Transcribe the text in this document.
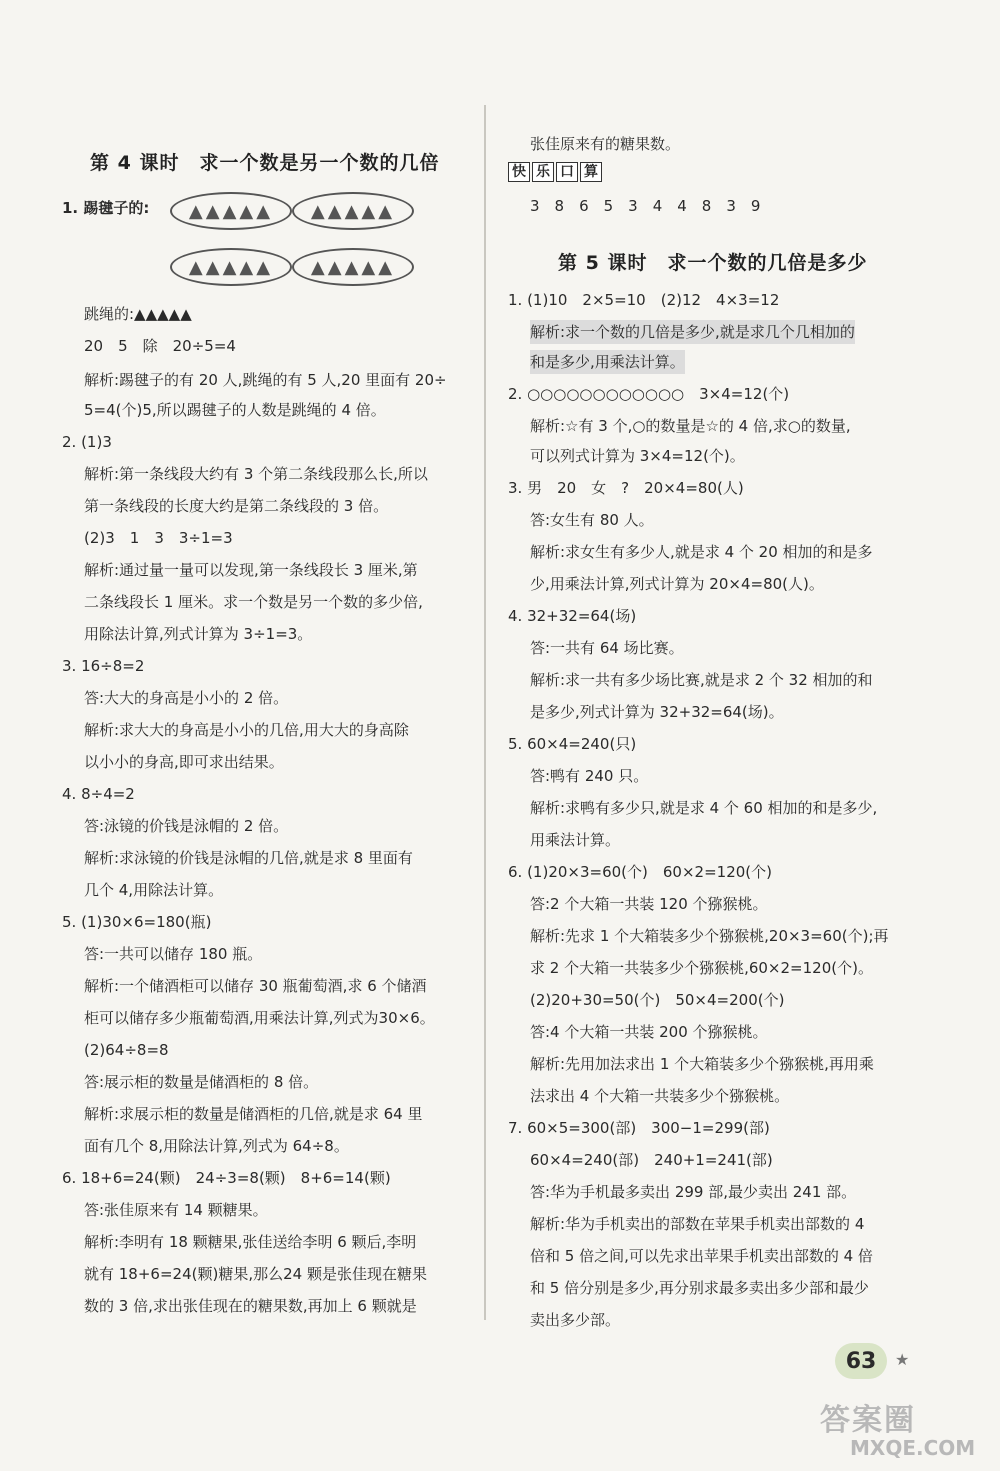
第 4 课时　求一个数是另一个数的几倍
1. 踢毽子的:	▲▲▲▲▲	▲▲▲▲▲
▲▲▲▲▲	▲▲▲▲▲
跳绳的:▲▲▲▲▲
20　5　除　20÷5=4
解析:踢毽子的有 20 人,跳绳的有 5 人,20 里面有 20÷
5=4(个)5,所以踢毽子的人数是跳绳的 4 倍。
2. (1)3
解析:第一条线段大约有 3 个第二条线段那么长,所以
第一条线段的长度大约是第二条线段的 3 倍。
(2)3　1　3　3÷1=3
解析:通过量一量可以发现,第一条线段长 3 厘米,第
二条线段长 1 厘米。求一个数是另一个数的多少倍,
用除法计算,列式计算为 3÷1=3。
3. 16÷8=2
答:大大的身高是小小的 2 倍。
解析:求大大的身高是小小的几倍,用大大的身高除
以小小的身高,即可求出结果。
4. 8÷4=2
答:泳镜的价钱是泳帽的 2 倍。
解析:求泳镜的价钱是泳帽的几倍,就是求 8 里面有
几个 4,用除法计算。
5. (1)30×6=180(瓶)
答:一共可以储存 180 瓶。
解析:一个储酒柜可以储存 30 瓶葡萄酒,求 6 个储酒
柜可以储存多少瓶葡萄酒,用乘法计算,列式为30×6。
(2)64÷8=8
答:展示柜的数量是储酒柜的 8 倍。
解析:求展示柜的数量是储酒柜的几倍,就是求 64 里
面有几个 8,用除法计算,列式为 64÷8。
6. 18+6=24(颗)　24÷3=8(颗)　8+6=14(颗)
答:张佳原来有 14 颗糖果。
解析:李明有 18 颗糖果,张佳送给李明 6 颗后,李明
就有 18+6=24(颗)糖果,那么24 颗是张佳现在糖果
数的 3 倍,求出张佳现在的糖果数,再加上 6 颗就是
张佳原来有的糖果数。
快 乐 口 算
3　8　6　5　3　4　4　8　3　9
第 5 课时　求一个数的几倍是多少
1. (1)10　2×5=10　(2)12　4×3=12
解析:求一个数的几倍是多少,就是求几个几相加的
和是多少,用乘法计算。
2. ○○○○○○○○○○○○　3×4=12(个)
解析:☆有 3 个,○的数量是☆的 4 倍,求○的数量,
可以列式计算为 3×4=12(个)。
3. 男　20　女　?　20×4=80(人)
答:女生有 80 人。
解析:求女生有多少人,就是求 4 个 20 相加的和是多
少,用乘法计算,列式计算为 20×4=80(人)。
4. 32+32=64(场)
答:一共有 64 场比赛。
解析:求一共有多少场比赛,就是求 2 个 32 相加的和
是多少,列式计算为 32+32=64(场)。
5. 60×4=240(只)
答:鸭有 240 只。
解析:求鸭有多少只,就是求 4 个 60 相加的和是多少,
用乘法计算。
6. (1)20×3=60(个)　60×2=120(个)
答:2 个大箱一共装 120 个猕猴桃。
解析:先求 1 个大箱装多少个猕猴桃,20×3=60(个);再
求 2 个大箱一共装多少个猕猴桃,60×2=120(个)。
(2)20+30=50(个)　50×4=200(个)
答:4 个大箱一共装 200 个猕猴桃。
解析:先用加法求出 1 个大箱装多少个猕猴桃,再用乘
法求出 4 个大箱一共装多少个猕猴桃。
7. 60×5=300(部)　300−1=299(部)
60×4=240(部)　240+1=241(部)
答:华为手机最多卖出 299 部,最少卖出 241 部。
解析:华为手机卖出的部数在苹果手机卖出部数的 4
倍和 5 倍之间,可以先求出苹果手机卖出部数的 4 倍
和 5 倍分别是多少,再分别求最多卖出多少部和最少
卖出多少部。
63	★
答案圈
MXQE.COM
